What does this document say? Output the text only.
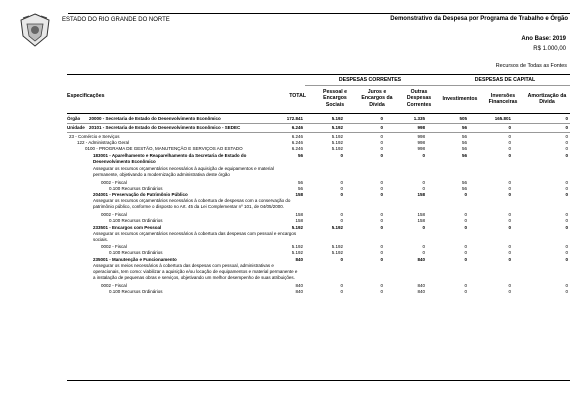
ESTADO DO RIO GRANDE DO NORTE	Demonstrativo da Despesa por Programa de Trabalho e Órgão
Ano Base: 2019
R$ 1.000,00
Recursos de Todas as Fontes
DESPESAS CORRENTES	DESPESAS DE CAPITAL
Especificações	TOTAL
Pessoal e Encargos Sociais
Juros e Encargos da Dívida
Outras Despesas Correntes
Investimentos	Inversões Financeiras
Amortização da Dívida
Órgão 20000 - Secretaria de Estado do Desenvolvimento Econômico	172.841	5.192	0	1.335	505	165.801	0
Unidade 20101 - Secretaria de Estado do Desenvolvimento Econômico - SEDEC	6.246	5.192	0	998	56	0	0
23 - Comércio e Serviços	6.246	5.192	0	998	56	0	0
122 - Administração Geral	6.246	5.192	0	998	56	0	0
0100 - PROGRAMA DE GESTÃO, MANUTENÇÃO E SERVIÇOS AO ESTADO	6.246	5.192	0	998	56	0	0
183001 - Aparelhamento e Reaparelhamento da Secretaria de Estado do Desenvolvimento Econômico
56	0	0	0	56	0	0
Assegurar os recursos orçamentários necessários à aquisição de equipamentos e material permanente, objetivando a modernização administrativa deste órgão
0002 - Fiscal	56	0	0	0	56	0	0
0.100 Recursos Ordinários	56	0	0	0	56	0	0
204001 - Preservação do Patrimônio Público	158	0	0	158	0	0	0
Assegurar os recursos orçamentários necessários à cobertura de despesas com a conservação do patrimônio público, conforme o disposto no Art. 45 da Lei Complementar nº 101, de 04/05/2000.
0002 - Fiscal	158	0	0	158	0	0	0
0.100 Recursos Ordinários	158	0	0	158	0	0	0
233501 - Encargos com Pessoal	5.192	5.192	0	0	0	0	0
Assegurar os recursos orçamentários necessários à cobertura das despesas com pessoal e encargos sociais.
0002 - Fiscal	5.192	5.192	0	0	0	0	0
0.100 Recursos Ordinários	5.192	5.192	0	0	0	0	0
235001 - Manutenção e Funcionamento	840	0	0	840	0	0	0
Assegurar os meios necessários à cobertura das despesas com pessoal, administrativas e operacionais, tem como: viabilizar a aquisição e/ou locação de equipamentos e material permanente e a instalação de pequenas obras e serviços, objetivando um melhor desempenho de suas atribuições.
0002 - Fiscal	840	0	0	840	0	0	0
0.100 Recursos Ordinários	840	0	0	840	0	0	0
